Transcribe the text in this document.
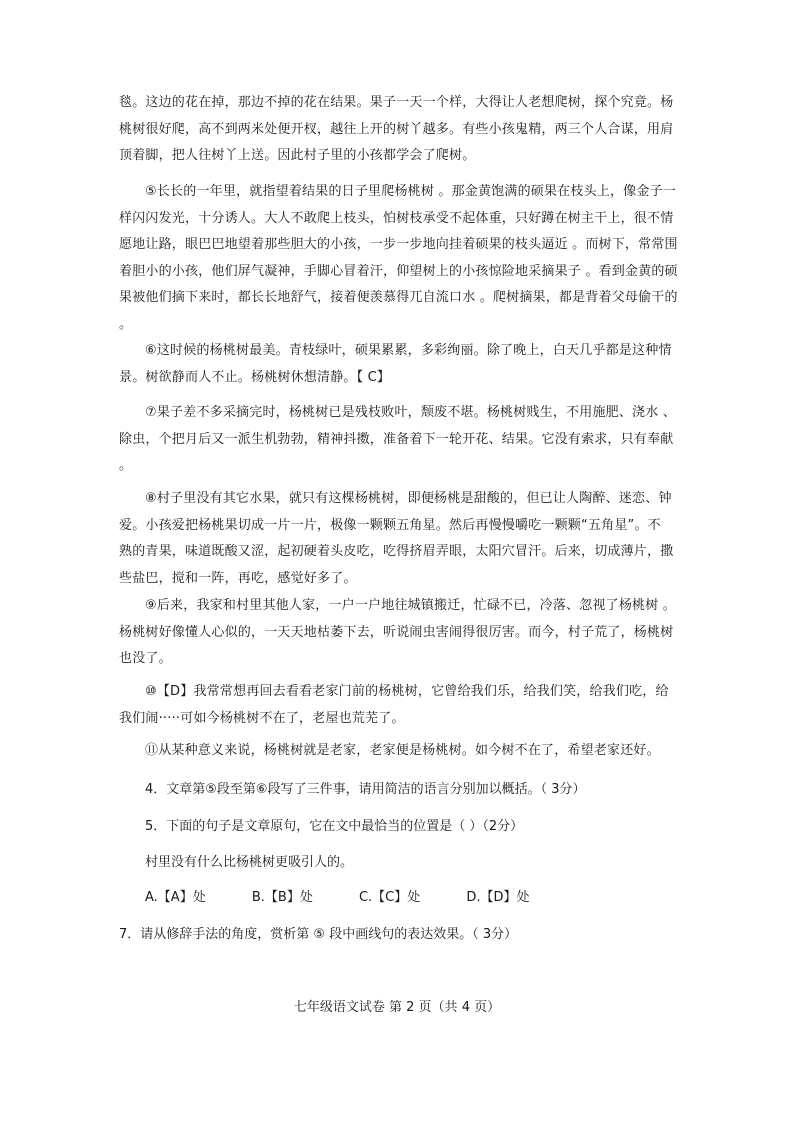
毯。这边的花在掉，那边不掉的花在结果。果子一天一个样，大得让人老想爬树，探个究竟。杨
桃树很好爬，高不到两米处便开杈，越往上开的树丫越多。有些小孩鬼精，两三个人合谋，用肩
顶着脚，把人往树丫上送。因此村子里的小孩都学会了爬树。

⑤长长的一年里，就指望着结果的日子里爬杨桃树 。那金黄饱满的硕果在枝头上，像金子一
样闪闪发光，十分诱人。大人不敢爬上枝头，怕树枝承受不起体重，只好蹲在树主干上，很不情
愿地让路，眼巴巴地望着那些胆大的小孩，一步一步地向挂着硕果的枝头逼近 。而树下，常常围
着胆小的小孩，他们屏气凝神，手脚心冒着汗，仰望树上的小孩惊险地采摘果子 。看到金黄的硕
果被他们摘下来时，都长长地舒气，接着便羡慕得兀自流口水 。爬树摘果，都是背着父母偷干的
。

⑥这时候的杨桃树最美。青枝绿叶，硕果累累，多彩绚丽。除了晚上，白天几乎都是这种情
景。树欲静而人不止。杨桃树休想清静。【 C】

⑦果子差不多采摘完时，杨桃树已是残枝败叶，颓废不堪。杨桃树贱生，不用施肥、浇水 、
除虫，个把月后又一派生机勃勃，精神抖擞，准备着下一轮开花、结果。它没有索求，只有奉献
。

⑧村子里没有其它水果，就只有这棵杨桃树，即便杨桃是甜酸的，但已让人陶醉、迷恋、钟
爱。小孩爱把杨桃果切成一片一片，极像一颗颗五角星。然后再慢慢嚼吃一颗颗“五角星”。不
熟的青果，味道既酸又涩，起初硬着头皮吃，吃得挤眉弄眼，太阳穴冒汗。后来，切成薄片，撒
些盐巴，搅和一阵，再吃，感觉好多了。

⑨后来，我家和村里其他人家，一户一户地往城镇搬迁，忙碌不已，冷落、忽视了杨桃树 。
杨桃树好像懂人心似的，一天天地枯萎下去，听说闹虫害闹得很厉害。而今，村子荒了，杨桃树
也没了。

⑩【D】我常常想再回去看看老家门前的杨桃树，它曾给我们乐，给我们笑，给我们吃，给
我们闹·····可如今杨桃树不在了，老屋也荒芜了。

⑪从某种意义来说，杨桃树就是老家，老家便是杨桃树。如今树不在了，希望老家还好。

4．文章第⑤段至第⑥段写了三件事，请用简洁的语言分别加以概括。（ 3分）
5．下面的句子是文章原句，它在文中最恰当的位置是（ ）（2分）
村里没有什么比杨桃树更吸引人的。
A.【A】处	B.【B】处	C.【C】处	D.【D】处
7．请从修辞手法的角度，赏析第 ⑤ 段中画线句的表达效果。（ 3分）
七年级语文试卷 第 2 页（共 4 页）
